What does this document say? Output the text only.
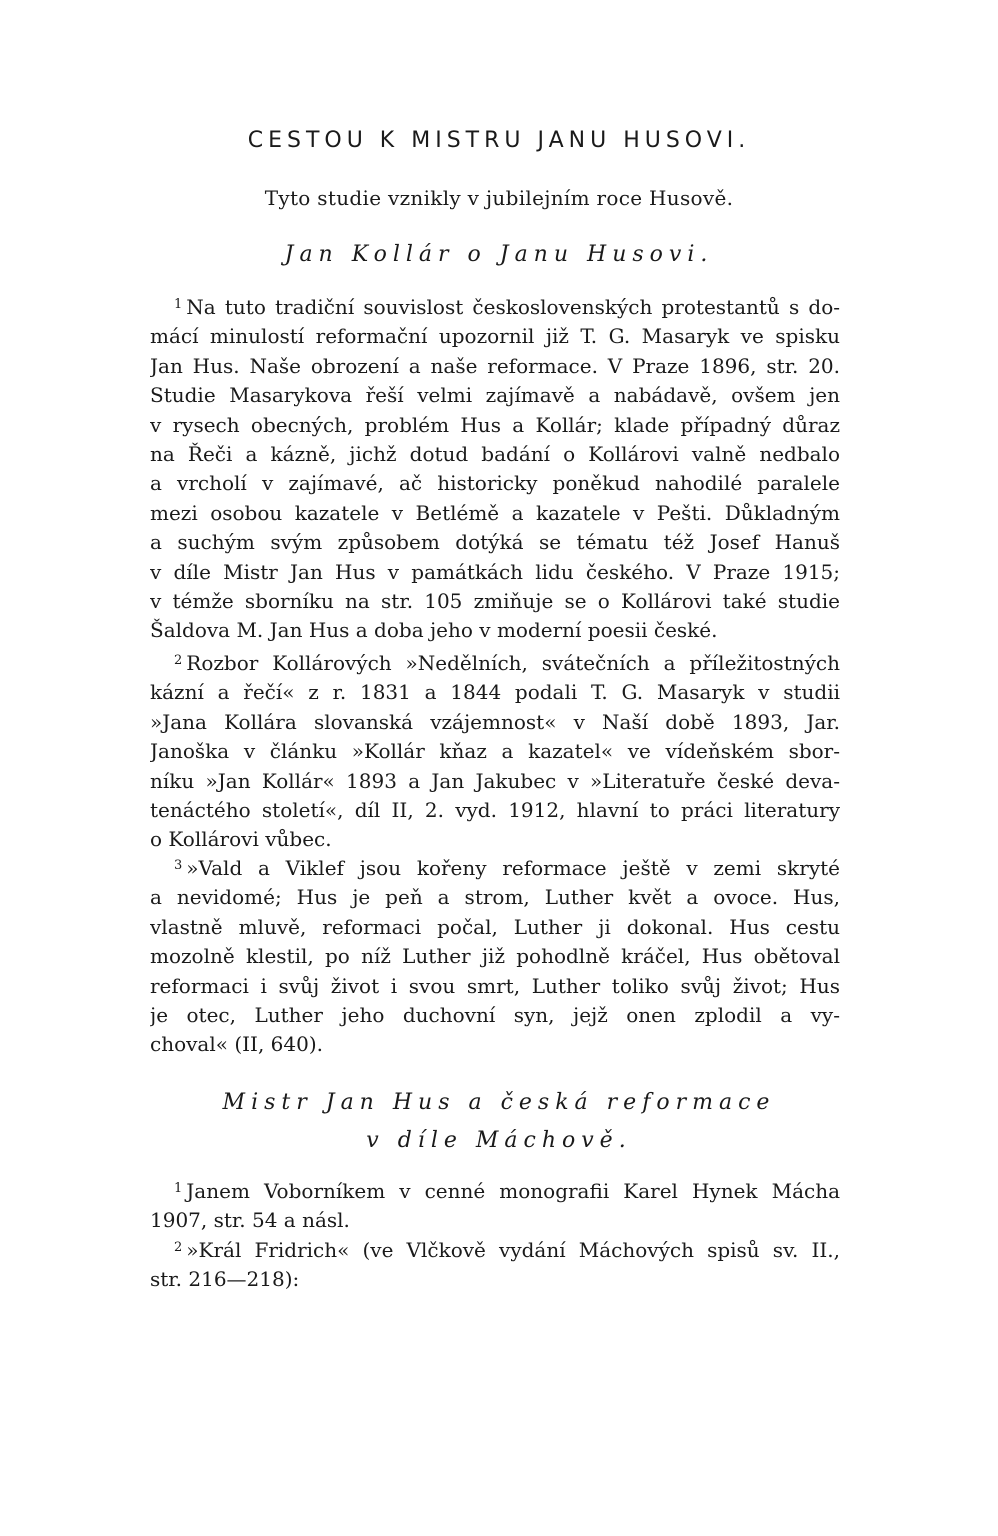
CESTOU K MISTRU JANU HUSOVI.
Tyto studie vznikly v jubilejním roce Husově.
Jan Kollár o Janu Husovi.
$^1$ Na tuto tradiční souvislost československých protestantů s do-
mácí minulostí reformační upozornil již T. G. Masaryk ve spisku
Jan Hus. Naše obrození a naše reformace. V Praze 1896, str. 20.
Studie Masarykova řeší velmi zajímavě a nabádavě, ovšem jen
v rysech obecných, problém Hus a Kollár; klade případný důraz
na Řeči a kázně, jichž dotud badání o Kollárovi valně nedbalo
a vrcholí v zajímavé, ač historicky poněkud nahodilé paralele
mezi osobou kazatele v Betlémě a kazatele v Pešti. Důkladným
a suchým svým způsobem dotýká se tématu též Josef Hanuš
v díle Mistr Jan Hus v památkách lidu českého. V Praze 1915;
v témže sborníku na str. 105 zmiňuje se o Kollárovi také studie
Šaldova M. Jan Hus a doba jeho v moderní poesii české.
$^2$ Rozbor Kollárových »Nedělních, svátečních a příležitostných
kázní a řečí« z r. 1831 a 1844 podali T. G. Masaryk v studii
»Jana Kollára slovanská vzájemnost« v Naší době 1893, Jar.
Janoška v článku »Kollár kňaz a kazatel« ve vídeňském sbor-
níku »Jan Kollár« 1893 a Jan Jakubec v »Literatuře české deva-
tenáctého století«, díl II, 2. vyd. 1912, hlavní to práci literatury
o Kollárovi vůbec.
$^3$ »Vald a Viklef jsou kořeny reformace ještě v zemi skryté
a nevidomé; Hus je peň a strom, Luther květ a ovoce. Hus,
vlastně mluvě, reformaci počal, Luther ji dokonal. Hus cestu
mozolně klestil, po níž Luther již pohodlně kráčel, Hus obětoval
reformaci i svůj život i svou smrt, Luther toliko svůj život; Hus
je otec, Luther jeho duchovní syn, jejž onen zplodil a vy-
choval« (II, 640).
Mistr Jan Hus a česká reformace
v díle Máchově.
$^1$ Janem Voborníkem v cenné monografii Karel Hynek Mácha
1907, str. 54 a násl.
$^2$ »Král Fridrich« (ve Vlčkově vydání Máchových spisů sv. II.,
str. 216—218):
